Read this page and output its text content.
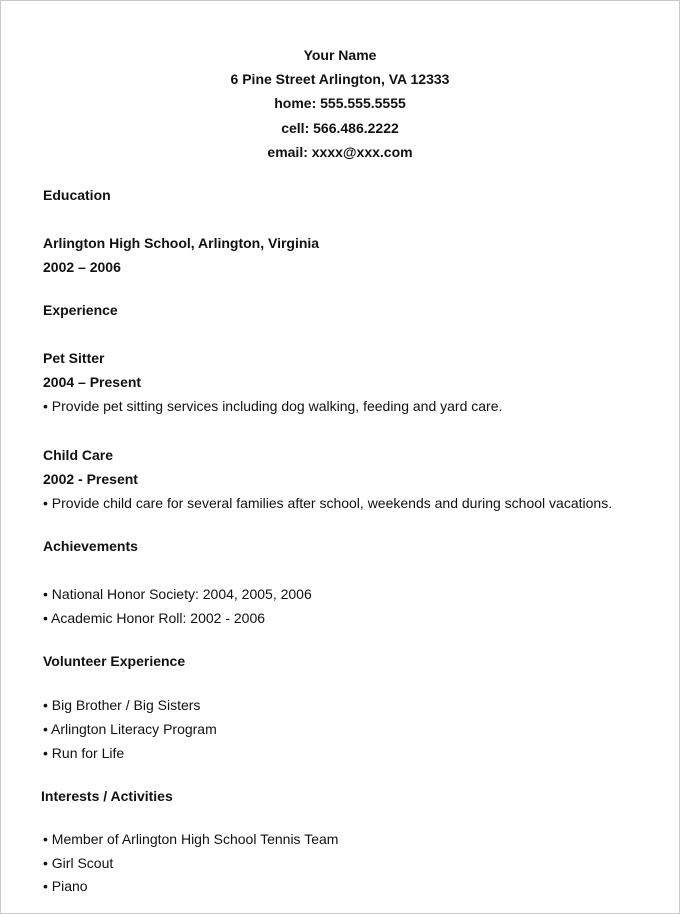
Your Name
6 Pine Street Arlington, VA 12333
home: 555.555.5555
cell: 566.486.2222
email: xxxx@xxx.com
Education
Arlington High School, Arlington, Virginia
2002 – 2006
Experience
Pet Sitter
2004 – Present
• Provide pet sitting services including dog walking, feeding and yard care.
Child Care
2002 - Present
• Provide child care for several families after school, weekends and during school vacations.
Achievements
• National Honor Society: 2004, 2005, 2006
• Academic Honor Roll: 2002 - 2006
Volunteer Experience
• Big Brother / Big Sisters
• Arlington Literacy Program
• Run for Life
Interests / Activities
• Member of Arlington High School Tennis Team
• Girl Scout
• Piano
